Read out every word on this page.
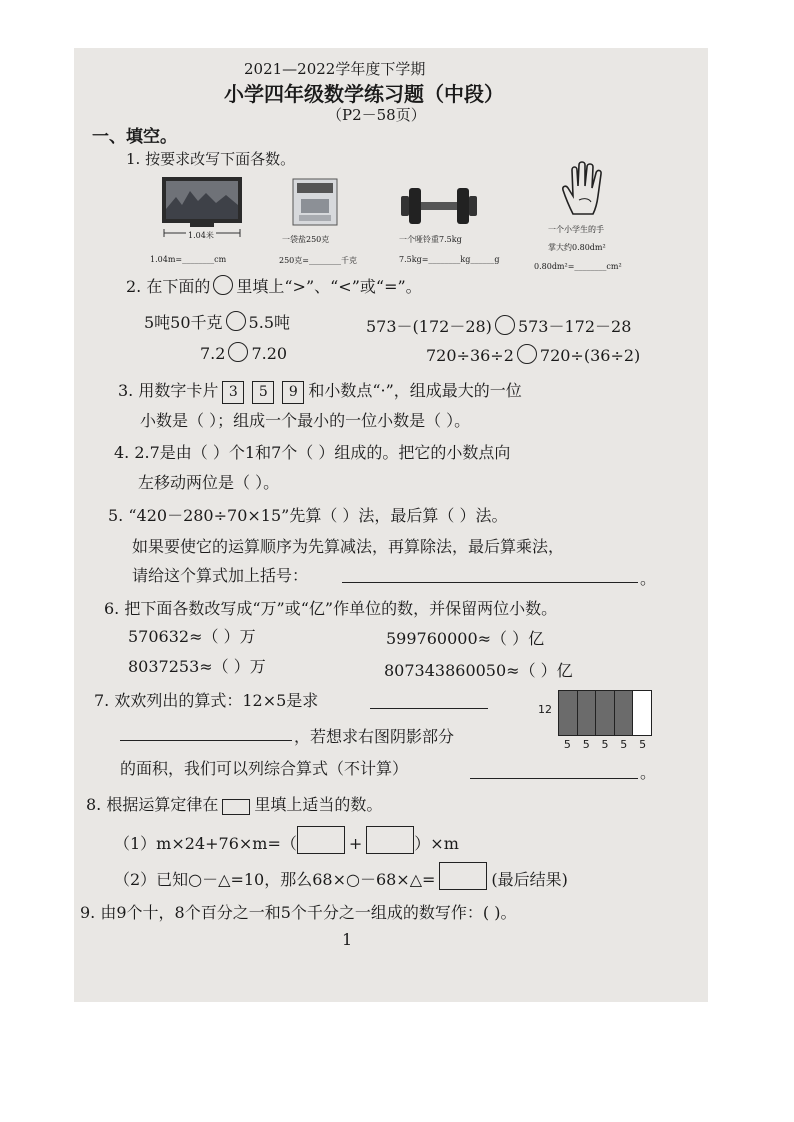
2021—2022学年度下学期
小学四年级数学练习题（中段）
（P2－58页）
一、填空。
1. 按要求改写下面各数。
1.04米	一袋盐250克	一个哑铃重7.5kg
一个小学生的手
掌大约0.80dm²
1.04m=________cm	250克=________千克	7.5kg=________kg______g
0.80dm²=________cm²
2. 在下面的 里填上“>”、“<”或“=”。
5吨50千克 5.5吨	573－(172－28) 573－172－28
7.2 7.20	720÷36÷2 720÷(36÷2)
3. 用数字卡片 3 5 9 和小数点“·”，组成最大的一位
小数是（ ）；组成一个最小的一位小数是（ ）。
4. 2.7是由（ ）个1和7个（ ）组成的。把它的小数点向
左移动两位是（ ）。
5. “420－280÷70×15”先算（ ）法，最后算（ ）法。
如果要使它的运算顺序为先算减法，再算除法，最后算乘法，
请给这个算式加上括号：	。
6. 把下面各数改写成“万”或“亿”作单位的数，并保留两位小数。
570632≈（ ）万	599760000≈（ ）亿
8037253≈（ ）万	807343860050≈（ ）亿
7. 欢欢列出的算式：12×5是求
，若想求右图阴影部分
的面积，我们可以列综合算式（不计算）	。
12
5	5	5	5	5
8. 根据运算定律在 里填上适当的数。
（1）m×24+76×m=（	+	）×m
（2）已知○－△=10，那么68×○－68×△=	(最后结果)
9. 由9个十，8个百分之一和5个千分之一组成的数写作：( )。
1
